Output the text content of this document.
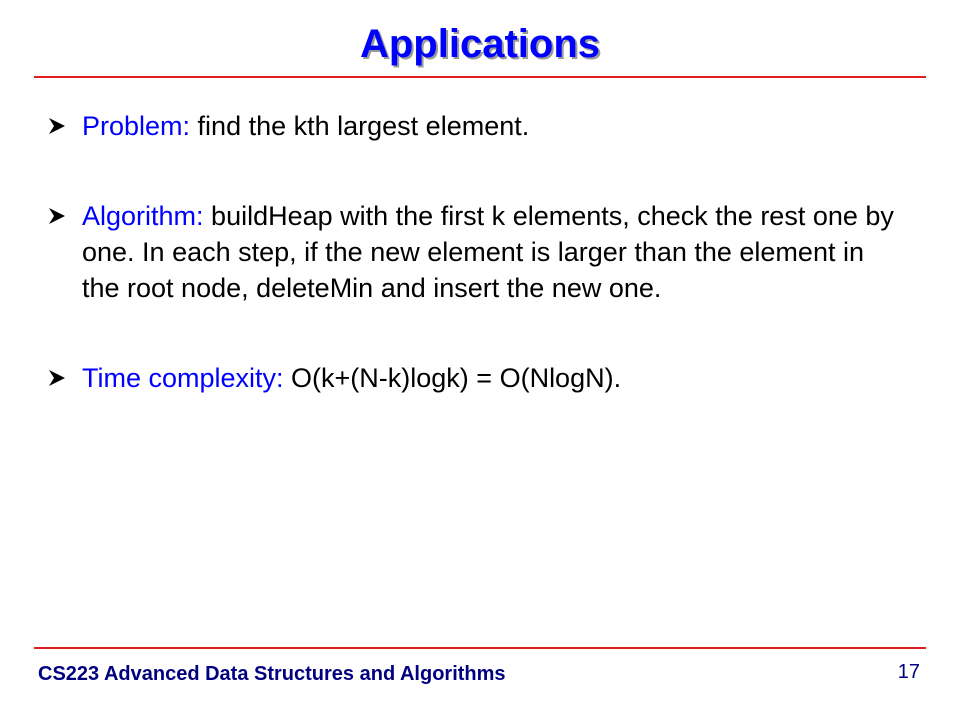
Applications
Problem: find the kth largest element.
Algorithm: buildHeap with the first k elements, check the rest one by one. In each step, if the new element is larger than the element in the root node, deleteMin and insert the new one.
Time complexity: O(k+(N-k)logk) = O(NlogN).
CS223 Advanced Data Structures and Algorithms	17
